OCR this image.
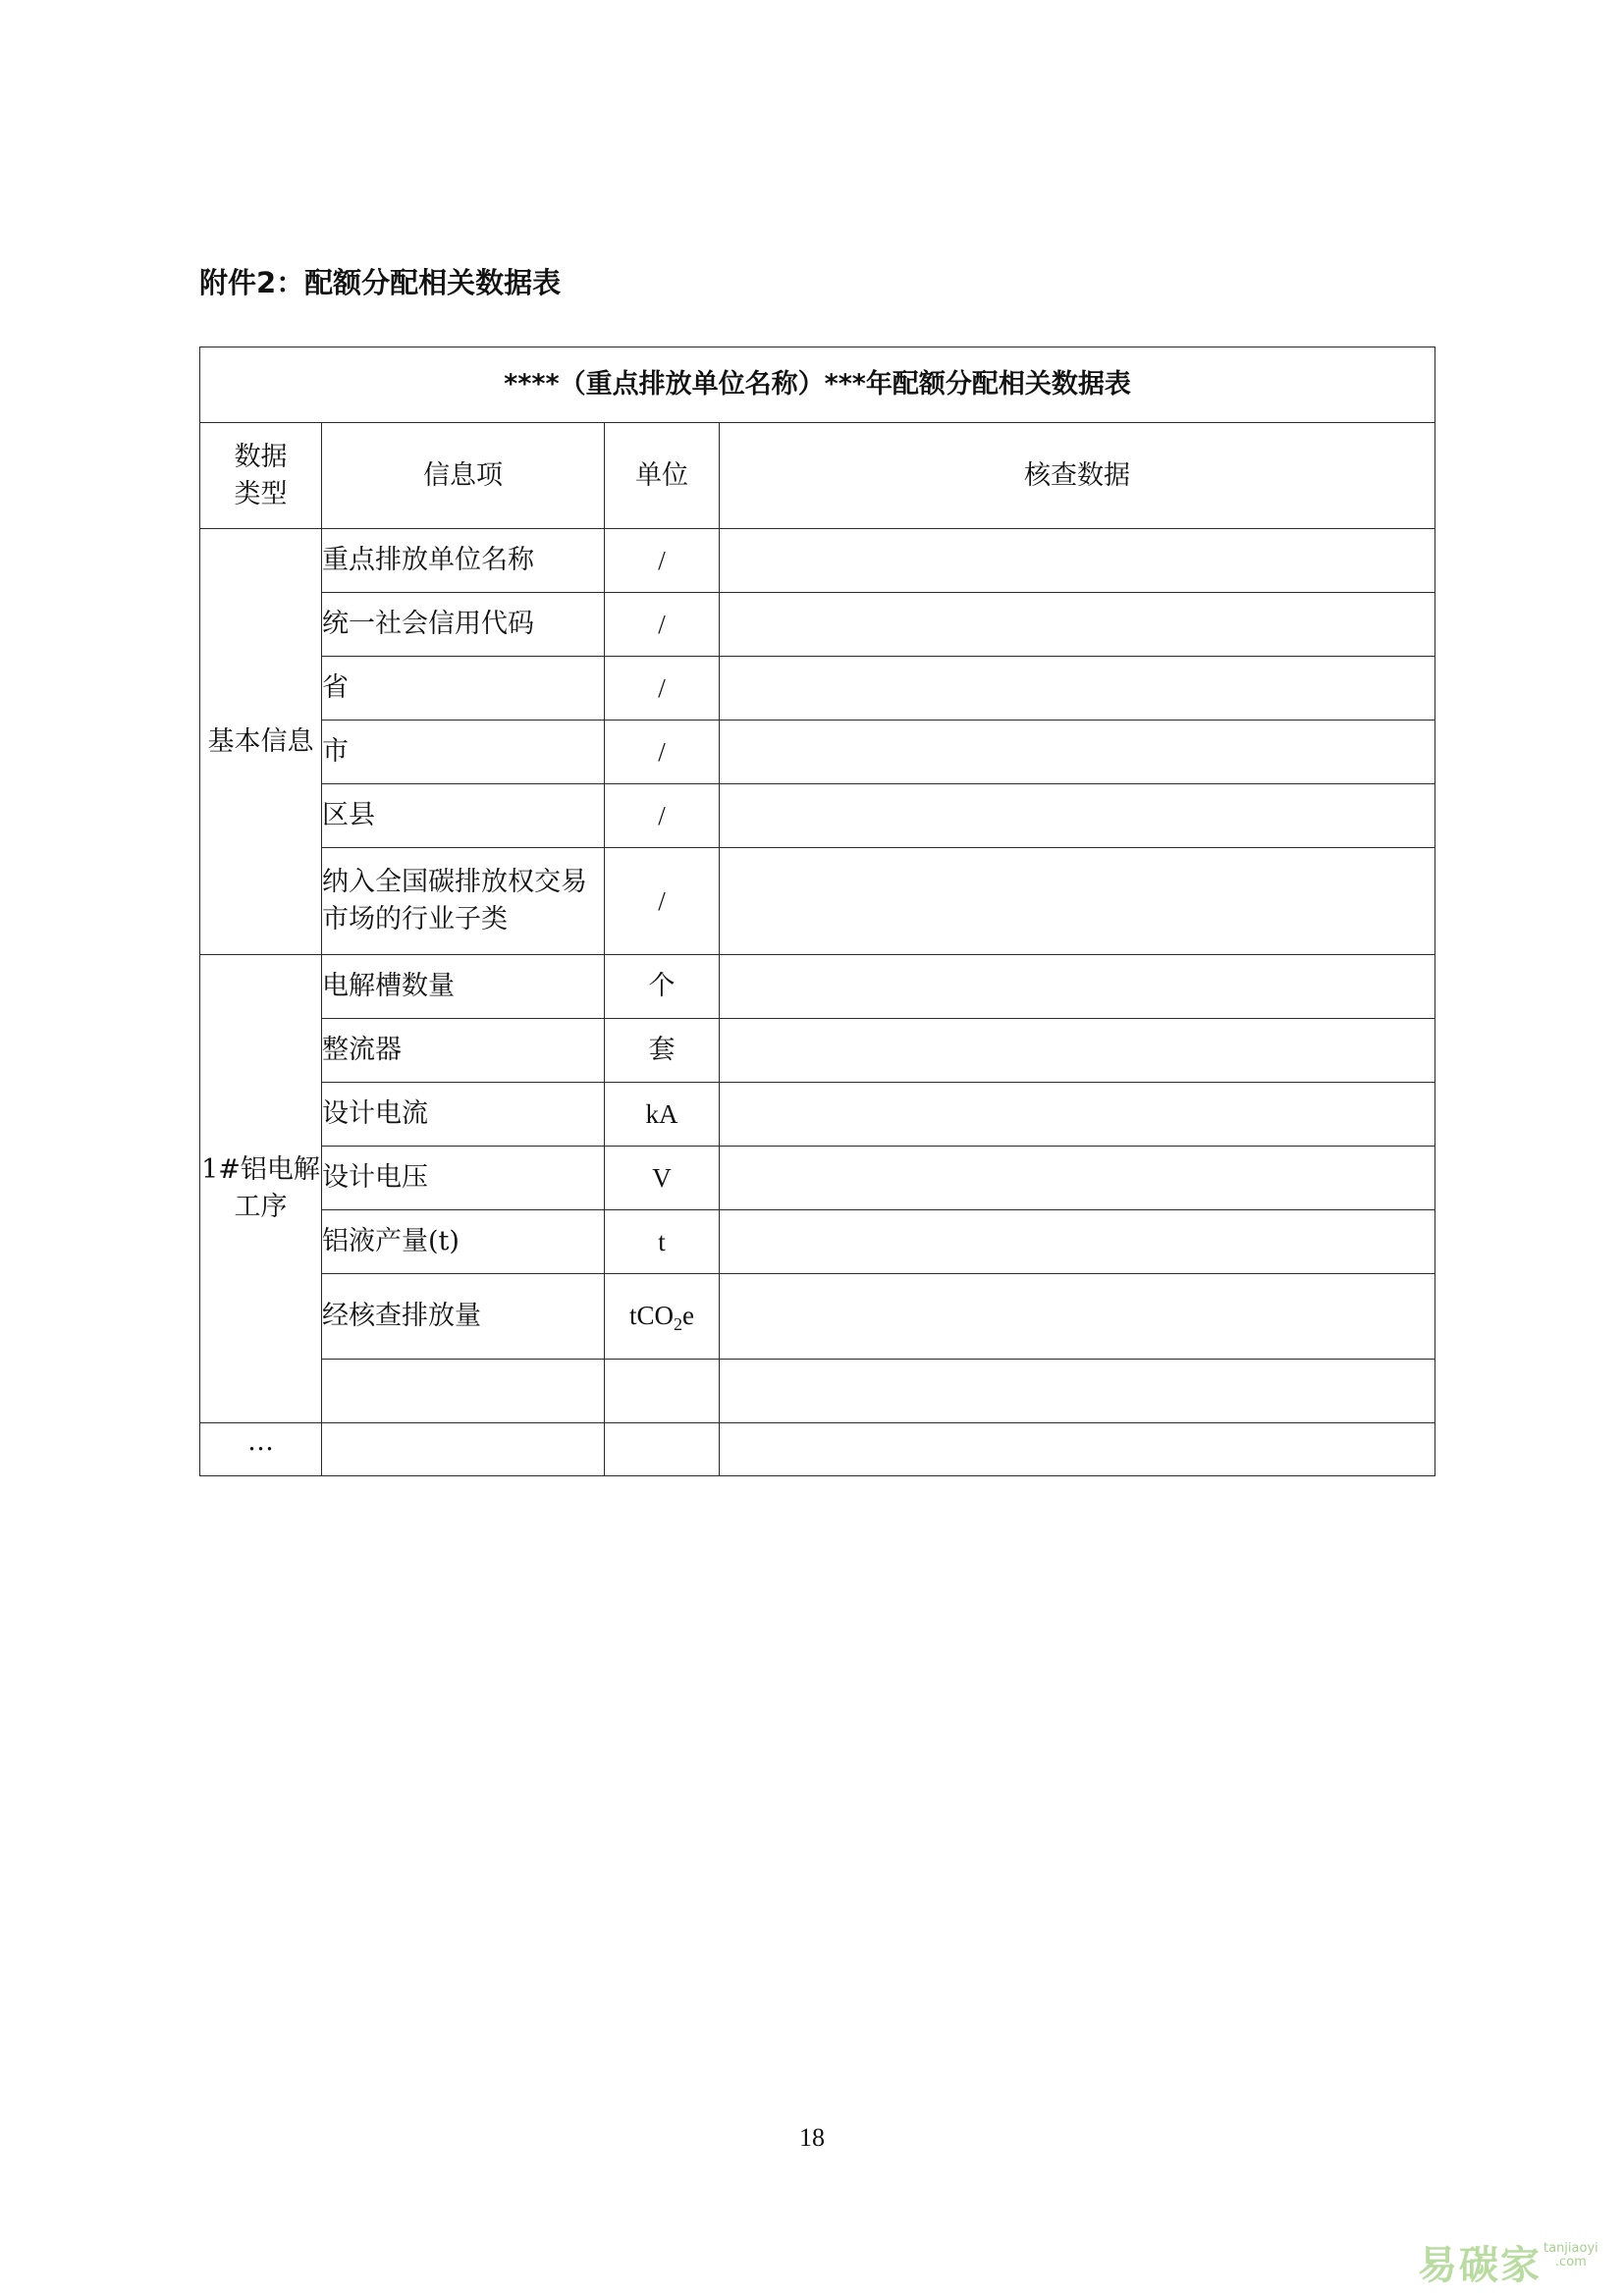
附件2：配额分配相关数据表
****（重点排放单位名称）***年配额分配相关数据表			

数据
类型	信息项	单位	核查数据
基本信息	重点排放单位名称	/	
	统一社会信用代码	/	
	省	/	
	市	/	
	区县	/	

	纳入全国碳排放权交易
市场的行业子类	/	

1#铝电解
工序	电解槽数量	个	
	整流器	套	
	设计电流	kA	
	设计电压	V	
	铝液产量(t)	t	
	经核查排放量	tCO$_2$e	

…			
18
易碳家 tanjiaoyi
.com
